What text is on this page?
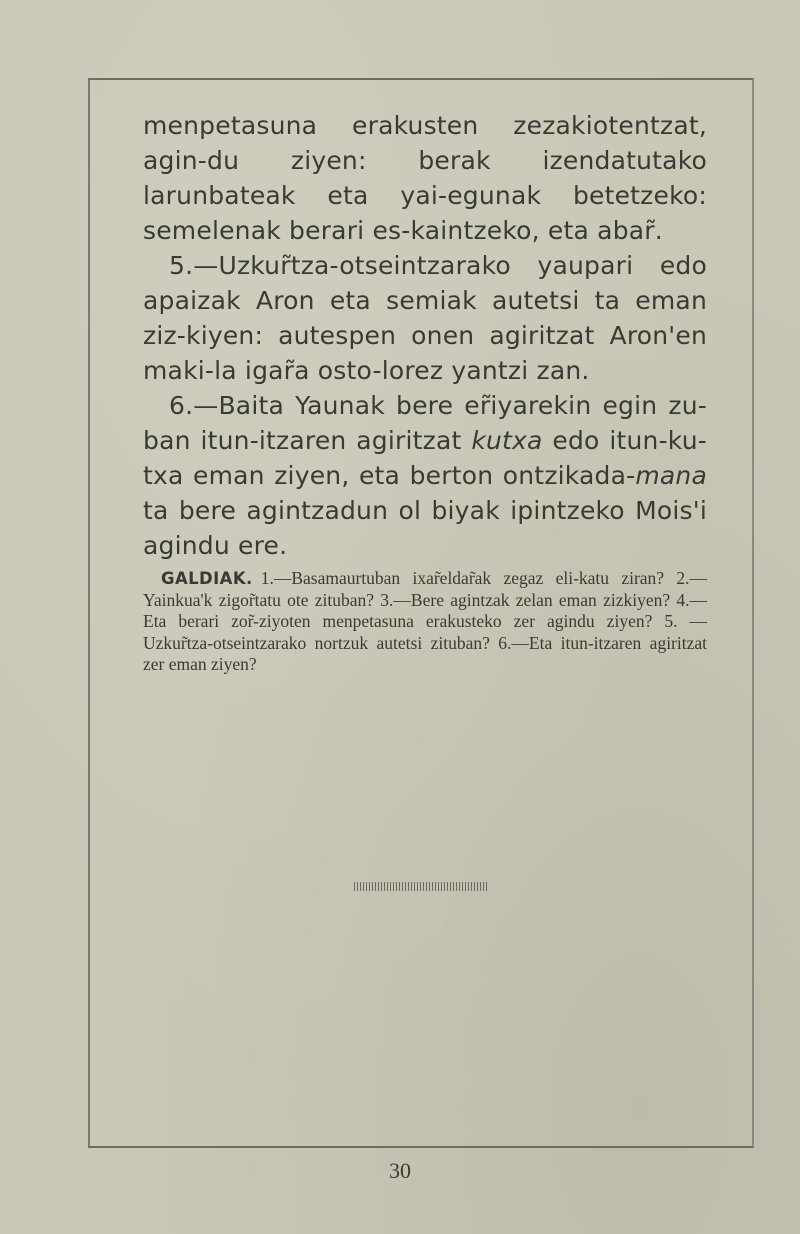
menpetasuna erakusten zezakiotentzat, agin-du ziyen: berak izendatutako larunbateak eta yai-egunak betetzeko: semelenak berari es-kaintzeko, eta abar̃.

5.—Uzkur̃tza-otseintzarako yaupari edo apaizak Aron eta semiak autetsi ta eman ziz-kiyen: autespen onen agiritzat Aron'en maki-la igar̃a osto-lorez yantzi zan.

6.—Baita Yaunak bere er̃iyarekin egin zu-ban itun-itzaren agiritzat kutxa edo itun-ku-txa eman ziyen, eta berton ontzikada-mana ta bere agintzadun ol biyak ipintzeko Mois'i agindu ere.

GALDIAK. 1.—Basamaurtuban ixar̃eldar̃ak zegaz eli-katu ziran? 2.—Yainkua'k zigor̃tatu ote zituban? 3.—Bere agintzak zelan eman zizkiyen? 4.—Eta berari zor̃-ziyoten menpetasuna erakusteko zer agindu ziyen? 5. — Uzkur̃tza-otseintzarako nortzuk autetsi zituban? 6.—Eta itun-itzaren agiritzat zer eman ziyen?
30
